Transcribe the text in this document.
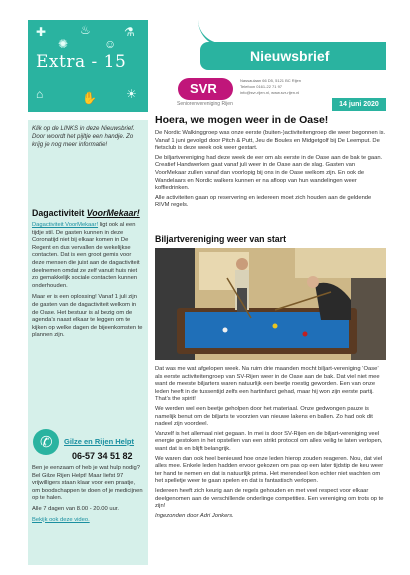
✚	♨	⚗
✺	☺
⌂	✋ ☀
Extra - 15	Nieuwsbrief
SVR
Seniorenvereniging Rijen
Nassaulaan 66 D5, 5121 BC Rijen
Telefoon 0161-22 71 97
info@svr-rijen.nl, www.svr-rijen.nl
14 juni 2020
Klik op de LINKS in deze Nieuwsbrief. Door woordt het pijltje een handje. Zo krijg je nog meer informatie!
Dagactiviteit VoorMekaar!

Dagactiviteit VoorMekaar! ligt ook al een tijdje stil. De gasten kunnen in deze Coronatijd niet bij elkaar komen in De Regent en dus vervallen de wekelijkse contacten. Dat is een groot gemis voor deze mensen die juist aan de dagactiviteit deelnemen omdat ze zelf vanuit huis niet zo gemakkelijk sociale contacten kunnen onderhouden.

Maar er is een oplossing! Vanaf 1 juli zijn de gasten van de dagactiviteit welkom in de Oase. Het bestuur is al bezig om de agenda’s naast elkaar te leggen om te kijken op welke dagen de bijeenkomsten te plannen zijn.

✆ Gilze en Rijen Helpt
06-57 34 51 82

Ben je eenzaam of heb je wat hulp nodig? Bel Gilze Rijen Helpt! Maar liefst 97 vrijwilligers staan klaar voor een praatje, om boodschappen te doen of je medicijnen op te halen.

Alle 7 dagen van 8.00 - 20.00 uur.

Bekijk ook deze video.

Hoera, we mogen weer in de Oase!

De Nordic Walkinggroep was onze eerste (buiten-)activiteitengroep die weer begonnen is. Vanaf 1 juni gevolgd door Pitch & Putt, Jeu de Boules en Midgetgolf bij De Leemput. De fietsclub is deze week ook weer gestart.

De biljartvereniging had deze week de eer om als eerste in de Oase aan de bak te gaan. Creatief Handwerken gaat vanaf juli weer in de Oase aan de slag. Gasten van VoorMekaar zullen vanaf dan voorlopig bij ons in de Oase welkom zijn. En ook de Wandelaars en Nordic walkers kunnen er na afloop van hun wandelingen weer koffiedrinken.

Alle activiteiten gaan op reservering en iedereen moet zich houden aan de geldende RIVM regels.

Biljartvereniging weer van start

Dat was me wat afgelopen week. Na ruim drie maanden mocht biljart-vereniging ‘Oase’ als eerste activiteitengroep van SV-Rijen weer in de Oase aan de bak. Dat viel niet mee want de meeste biljarters waren natuurlijk een beetje roestig geworden. Een van onze leden heeft in de tussentijd zelfs een hartinfarct gehad, maar hij won zijn eerste partij. That’s the spirit!

We werden wel een beetje geholpen door het materiaal. Onze gedwongen pauze is namelijk benut om de biljarts te voorzien van nieuwe lakens en ballen. Zo had ook dit nadeel zijn voordeel.

Vanzelf is het allemaal niet gegaan. In mei is door SV-Rijen en de biljart-vereniging veel energie gestoken in het opstellen van een strikt protocol om alles veilig te laten verlopen, want dat is en blijft belangrijk.

We waren dan ook heel benieuwd hoe onze leden hierop zouden reageren. Nou, dat viel alles mee. Enkele leden hadden ervoor gekozen om pas op een later tijdstip de keu weer ter hand te nemen en dat is natuurlijk prima. Het merendeel kon echter niet wachten om het spelletje weer te gaan spelen en dat is fantastisch verlopen.

Iedereen heeft zich keurig aan de regels gehouden en met veel respect voor elkaar deelgenomen aan de verschillende onderlinge competities. Een vereniging om trots op te zijn!

Ingezonden door Adri Jonkers.
